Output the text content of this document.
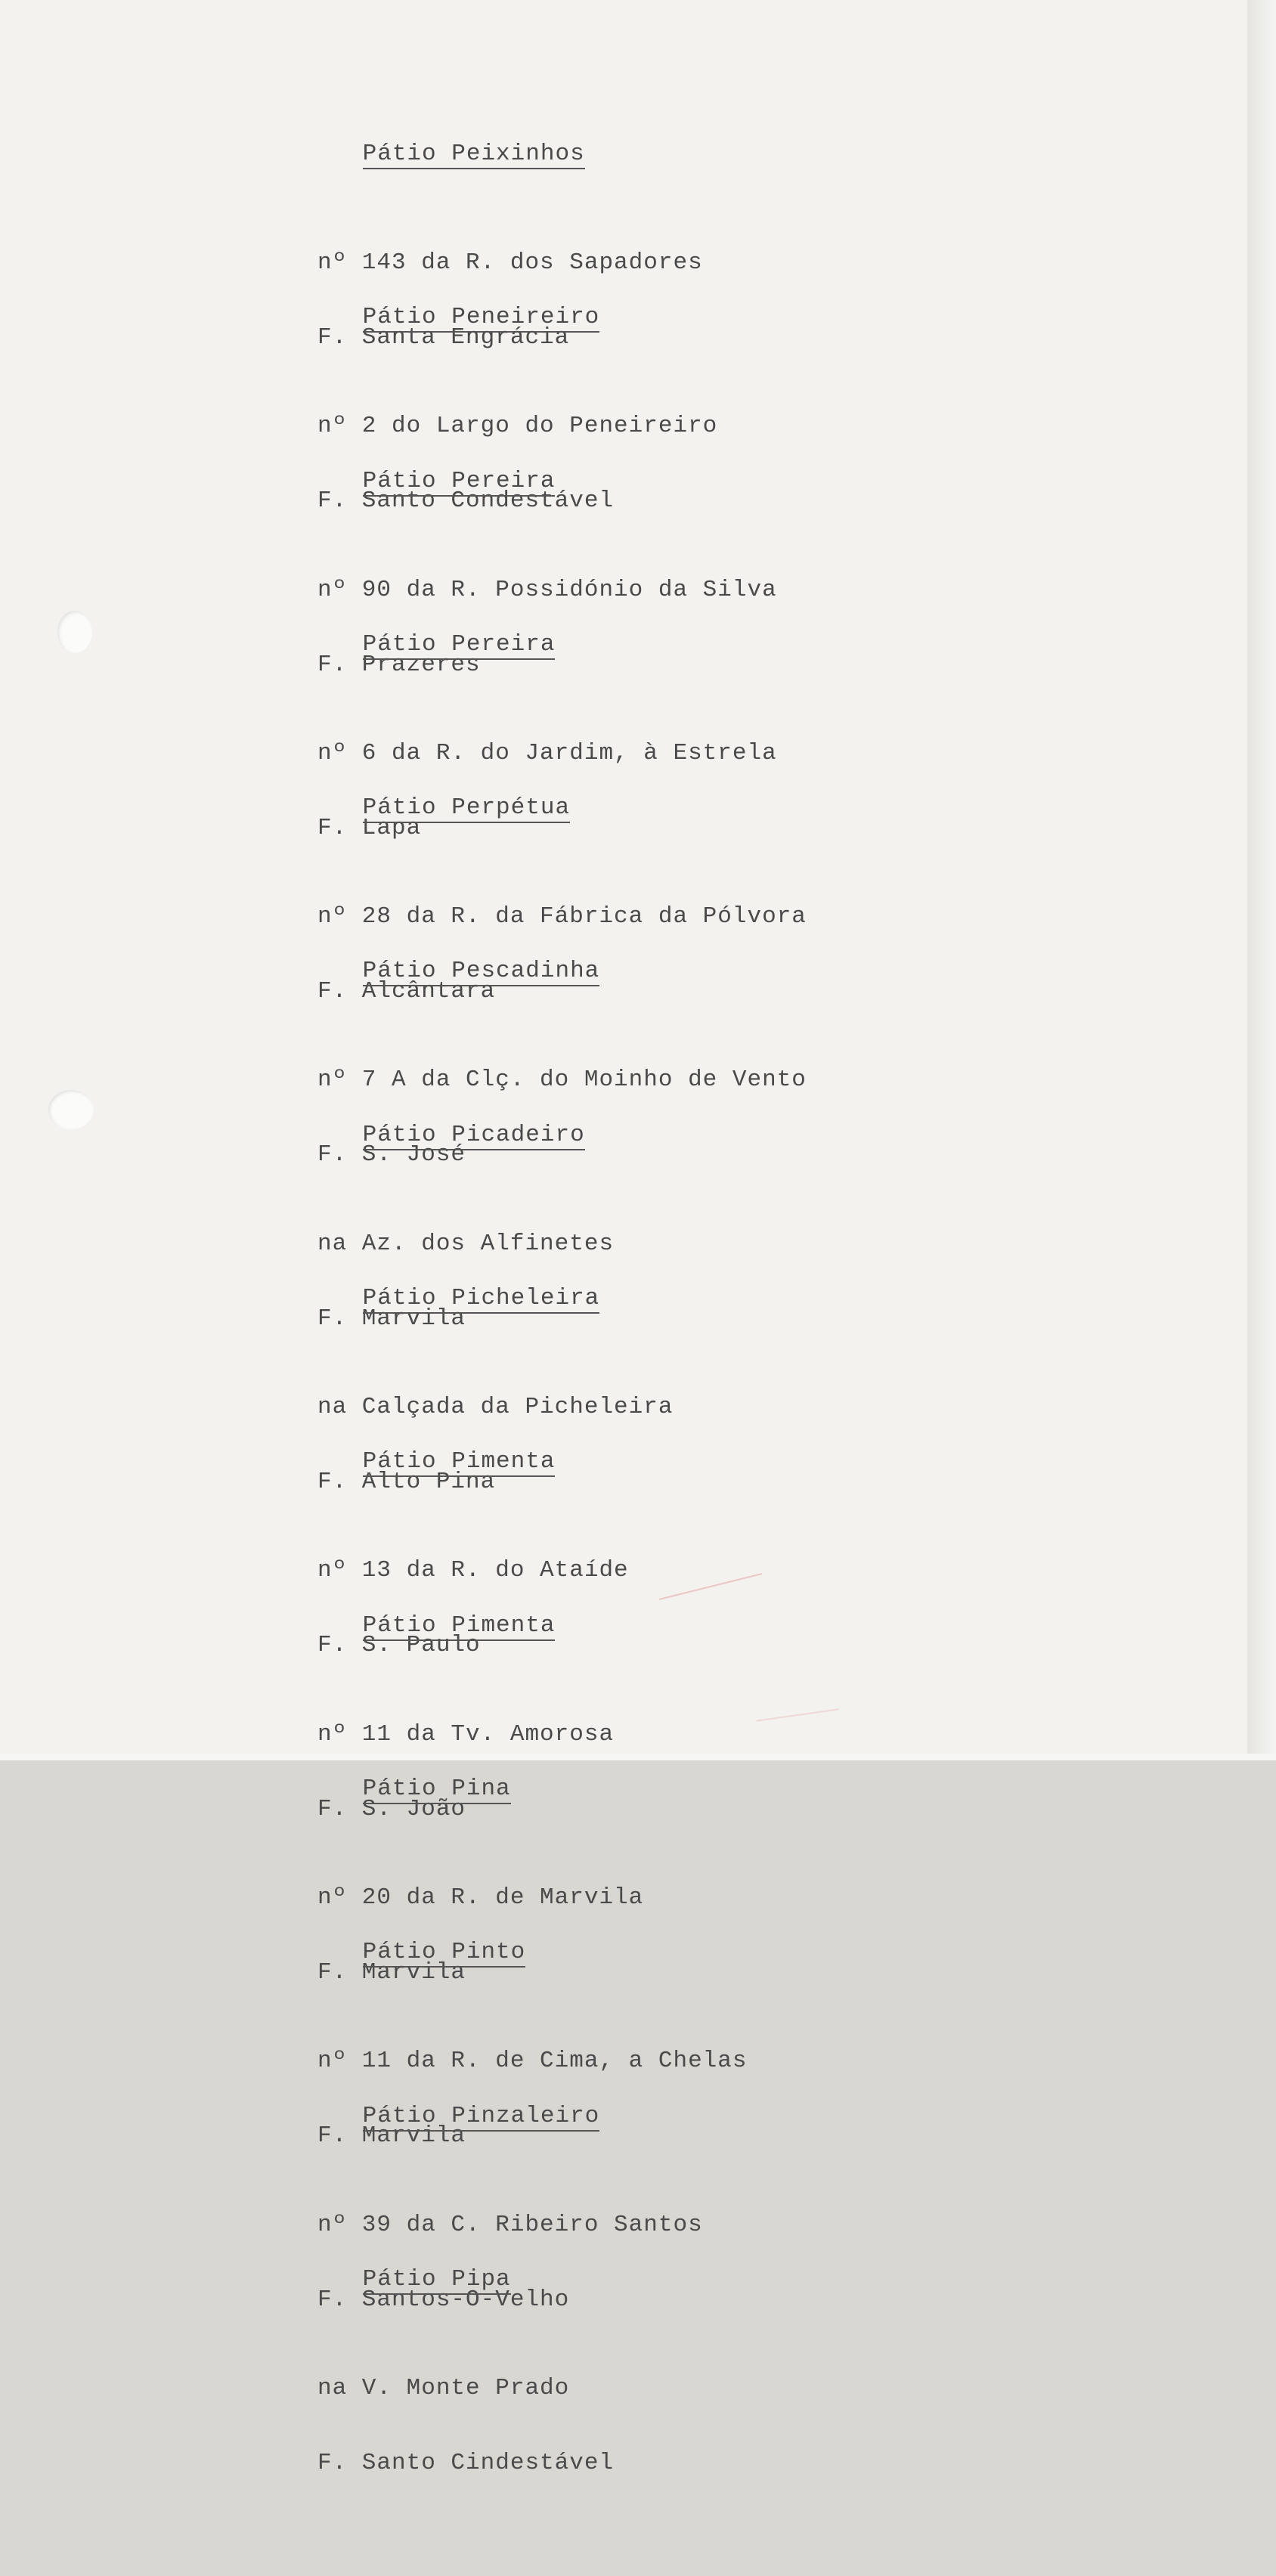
Pátio Peixinhos

nº 143 da R. dos Sapadores

F. Santa Engrácia

Pátio Peneireiro

nº 2 do Largo do Peneireiro

F. Santo Condestável

Pátio Pereira

nº 90 da R. Possidónio da Silva

F. Prazeres

Pátio Pereira

nº 6 da R. do Jardim, à Estrela

F. Lapa

Pátio Perpétua

nº 28 da R. da Fábrica da Pólvora

F. Alcântara

Pátio Pescadinha

nº 7 A da Clç. do Moinho de Vento

F. S. José

Pátio Picadeiro

na Az. dos Alfinetes

F. Marvila

Pátio Picheleira

na Calçada da Picheleira

F. Alto Pina

Pátio Pimenta

nº 13 da R. do Ataíde

F. S. Paulo

Pátio Pimenta

nº 11 da Tv. Amorosa

F. S. João

Pátio Pina

nº 20 da R. de Marvila

F. Marvila

Pátio Pinto

nº 11 da R. de Cima, a Chelas

F. Marvila

Pátio Pinzaleiro

nº 39 da C. Ribeiro Santos

F. Santos-O-Velho

Pátio Pipa

na V. Monte Prado

F. Santo Cindestável
